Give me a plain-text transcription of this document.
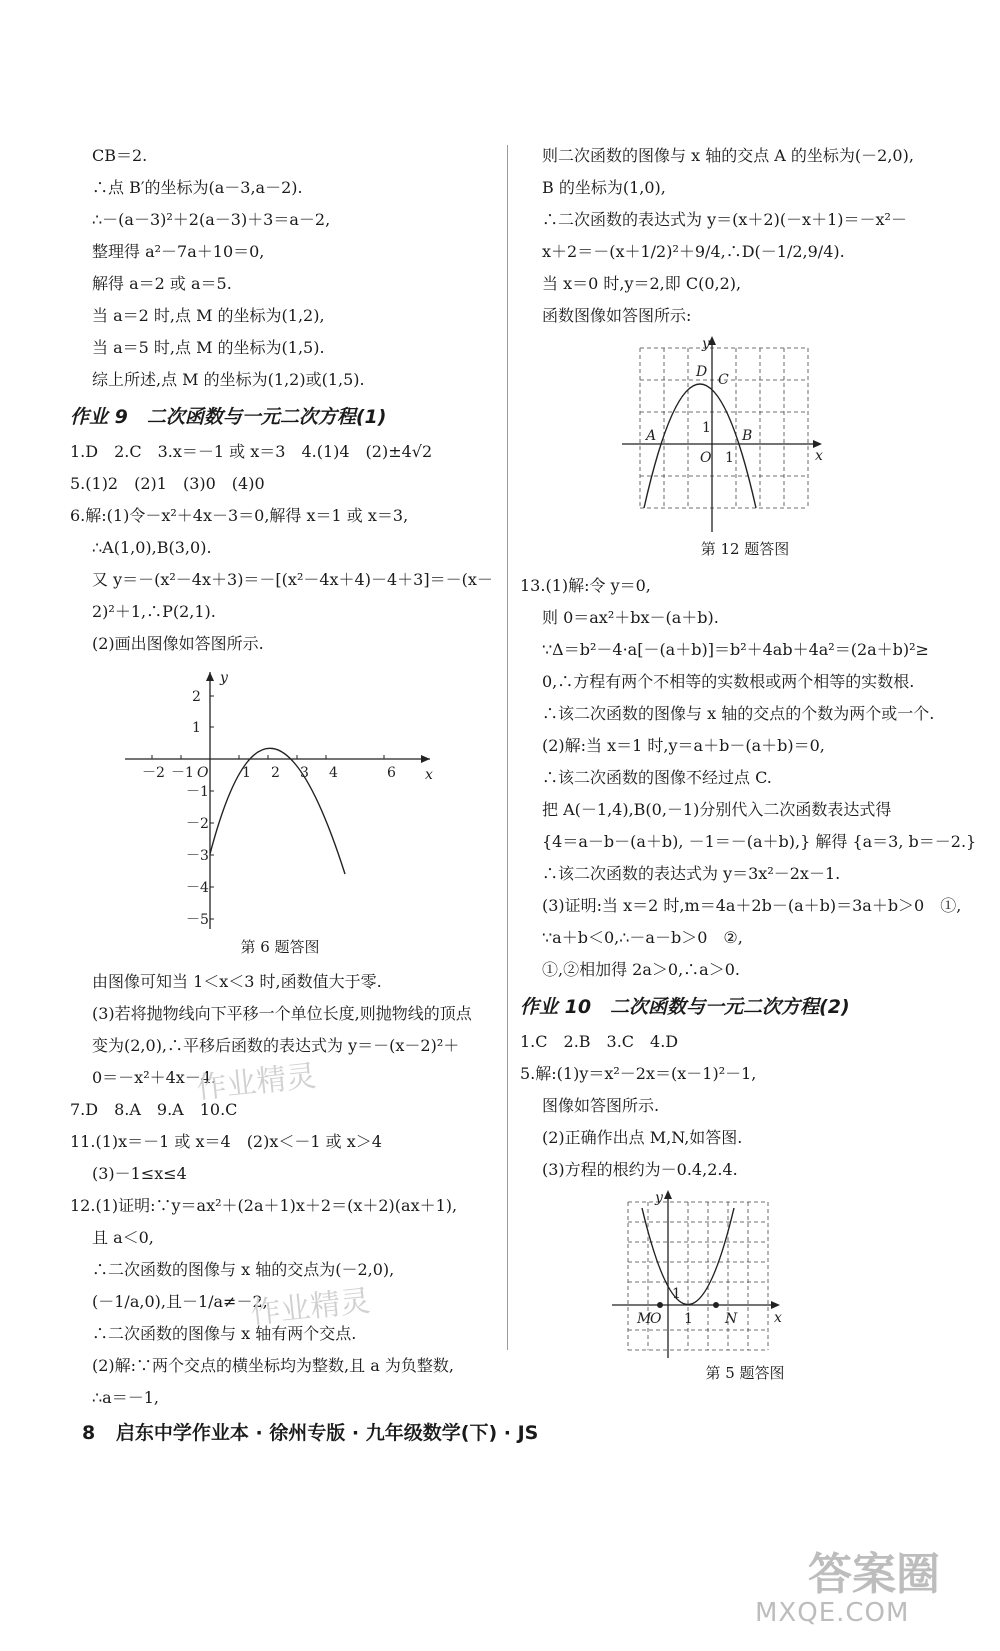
CB＝2.

∴点 B′的坐标为(a－3,a－2).

∴－(a－3)²＋2(a－3)＋3＝a－2,

整理得 a²－7a＋10＝0,

解得 a＝2 或 a＝5.

当 a＝2 时,点 M 的坐标为(1,2),

当 a＝5 时,点 M 的坐标为(1,5).

综上所述,点 M 的坐标为(1,2)或(1,5).

作业 9　二次函数与一元二次方程(1)

1.D　2.C　3.x＝－1 或 x＝3　4.(1)4　(2)±4√2

5.(1)2　(2)1　(3)0　(4)0

6.解:(1)令－x²＋4x－3＝0,解得 x＝1 或 x＝3,

∴A(1,0),B(3,0).

又 y＝－(x²－4x＋3)＝－[(x²－4x＋4)－4＋3]＝－(x－

2)²＋1,∴P(2,1).

(2)画出图像如答图所示.

x
y
O
－2 －1	1 2 3 4	6
2
1
－1
－2
－3
－4
－5
第 6 题答图

由图像可知当 1＜x＜3 时,函数值大于零.

(3)若将抛物线向下平移一个单位长度,则抛物线的顶点

变为(2,0),∴平移后函数的表达式为 y＝－(x－2)²＋

0＝－x²＋4x－4.

7.D　8.A　9.A　10.C

11.(1)x＝－1 或 x＝4　(2)x＜－1 或 x＞4

(3)－1≤x≤4

12.(1)证明:∵y＝ax²＋(2a＋1)x＋2＝(x＋2)(ax＋1),

且 a＜0,

∴二次函数的图像与 x 轴的交点为(－2,0),

(－1/a,0),且－1/a≠－2,

∴二次函数的图像与 x 轴有两个交点.

(2)解:∵两个交点的横坐标均为整数,且 a 为负整数,

∴a＝－1,

则二次函数的图像与 x 轴的交点 A 的坐标为(－2,0),

B 的坐标为(1,0),

∴二次函数的表达式为 y＝(x＋2)(－x＋1)＝－x²－

x＋2＝－(x＋1/2)²＋9/4,∴D(－1/2,9/4).

当 x＝0 时,y＝2,即 C(0,2),

函数图像如答图所示:

x
y
O
D C
A	B
1
1
第 12 题答图

13.(1)解:令 y＝0,

则 0＝ax²＋bx－(a＋b).

∵Δ＝b²－4·a[－(a＋b)]＝b²＋4ab＋4a²＝(2a＋b)²≥

0,∴方程有两个不相等的实数根或两个相等的实数根.

∴该二次函数的图像与 x 轴的交点的个数为两个或一个.

(2)解:当 x＝1 时,y＝a＋b－(a＋b)＝0,

∴该二次函数的图像不经过点 C.

把 A(－1,4),B(0,－1)分别代入二次函数表达式得

{4＝a－b－(a＋b), －1＝－(a＋b),} 解得 {a＝3, b＝－2.}

∴该二次函数的表达式为 y＝3x²－2x－1.

(3)证明:当 x＝2 时,m＝4a＋2b－(a＋b)＝3a＋b＞0　①,

∵a＋b＜0,∴－a－b＞0　②,

①,②相加得 2a＞0,∴a＞0.

作业 10　二次函数与一元二次方程(2)

1.C　2.B　3.C　4.D

5.解:(1)y＝x²－2x＝(x－1)²－1,

图像如答图所示.

(2)正确作出点 M,N,如答图.

(3)方程的根约为－0.4,2.4.

x
y
O
M	N
1
1
第 5 题答图
8 启东中学作业本 · 徐州专版 · 九年级数学(下) · JS
作业精灵
作业精灵
答案圈
MXQE.COM
